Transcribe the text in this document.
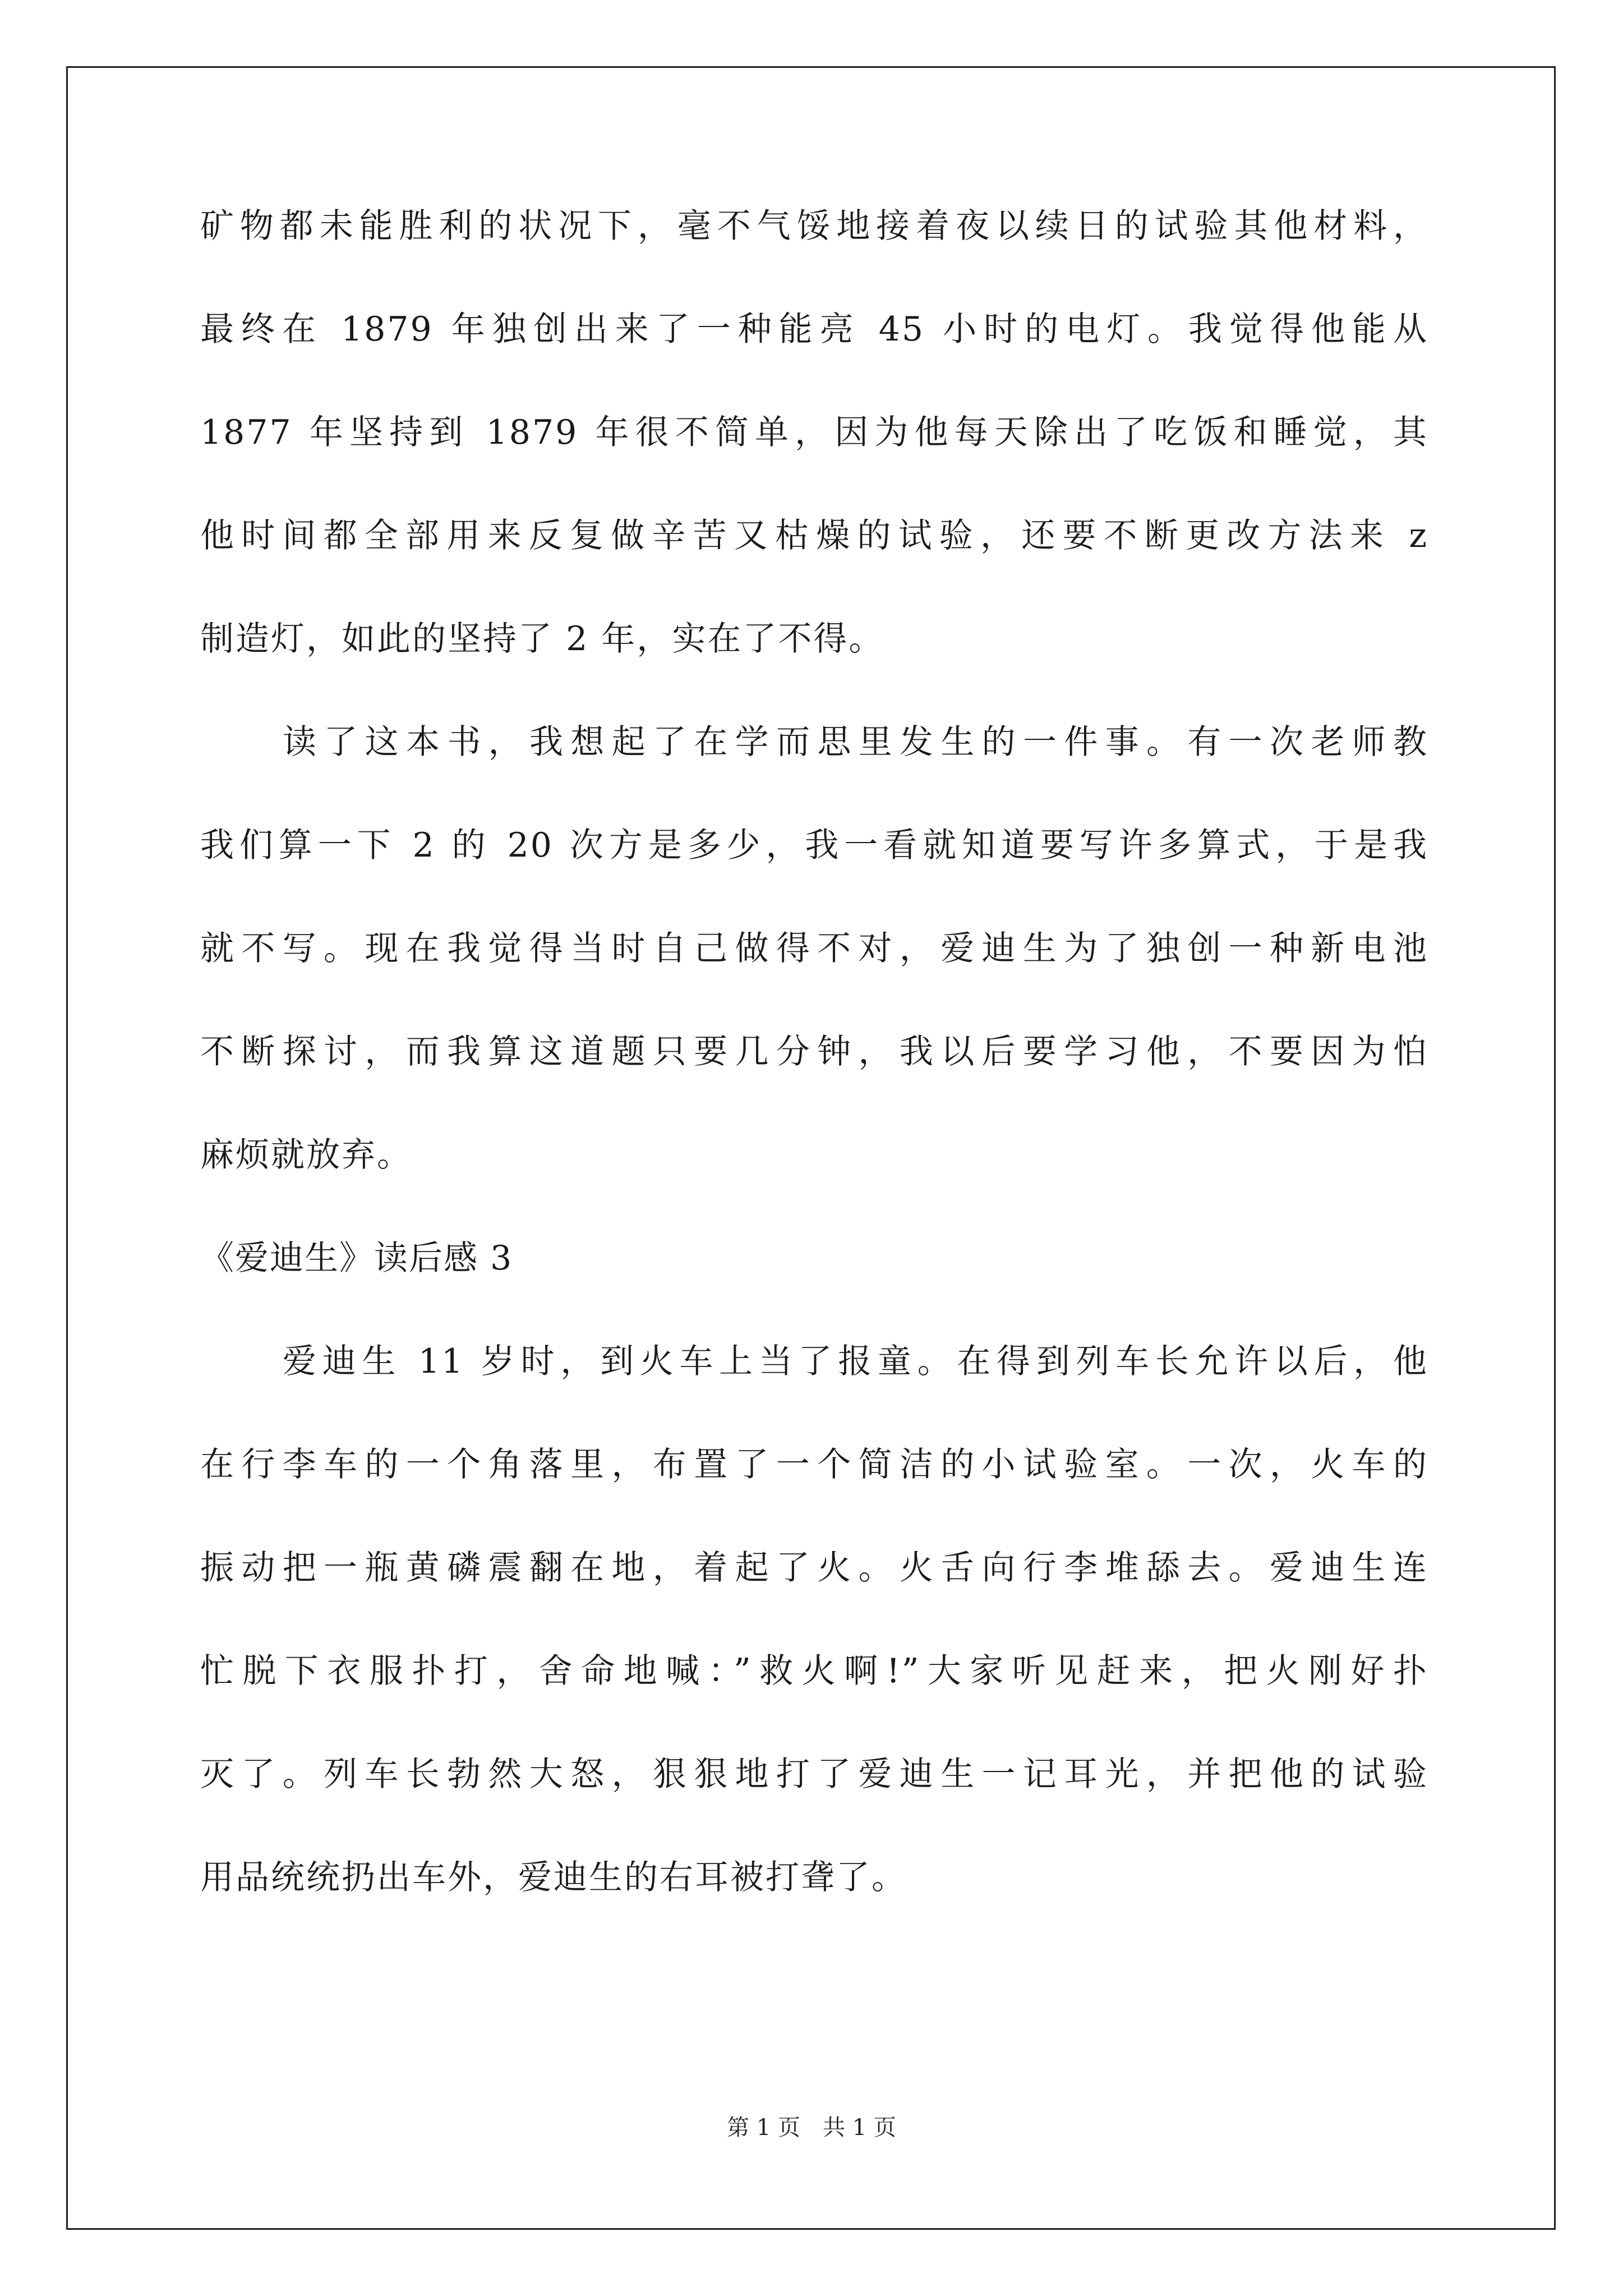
矿物都未能胜利的状况下，毫不气馁地接着夜以续日的试验其他材料，
最终在 1879 年独创出来了一种能亮 45 小时的电灯。我觉得他能从
1877 年坚持到 1879 年很不简单，因为他每天除出了吃饭和睡觉，其
他时间都全部用来反复做辛苦又枯燥的试验，还要不断更改方法来 z
制造灯，如此的坚持了 2 年，实在了不得。
读了这本书，我想起了在学而思里发生的一件事。有一次老师教
我们算一下 2 的 20 次方是多少，我一看就知道要写许多算式，于是我
就不写。现在我觉得当时自己做得不对，爱迪生为了独创一种新电池
不断探讨，而我算这道题只要几分钟，我以后要学习他，不要因为怕
麻烦就放弃。
《爱迪生》读后感 3
爱迪生 11 岁时，到火车上当了报童。在得到列车长允许以后，他
在行李车的一个角落里，布置了一个简洁的小试验室。一次，火车的
振动把一瓶黄磷震翻在地，着起了火。火舌向行李堆舔去。爱迪生连
忙脱下衣服扑打，舍命地喊：”救火啊!”大家听见赶来，把火刚好扑
灭了。列车长勃然大怒，狠狠地打了爱迪生一记耳光，并把他的试验
用品统统扔出车外，爱迪生的右耳被打聋了。
第 1 页　共 1 页
